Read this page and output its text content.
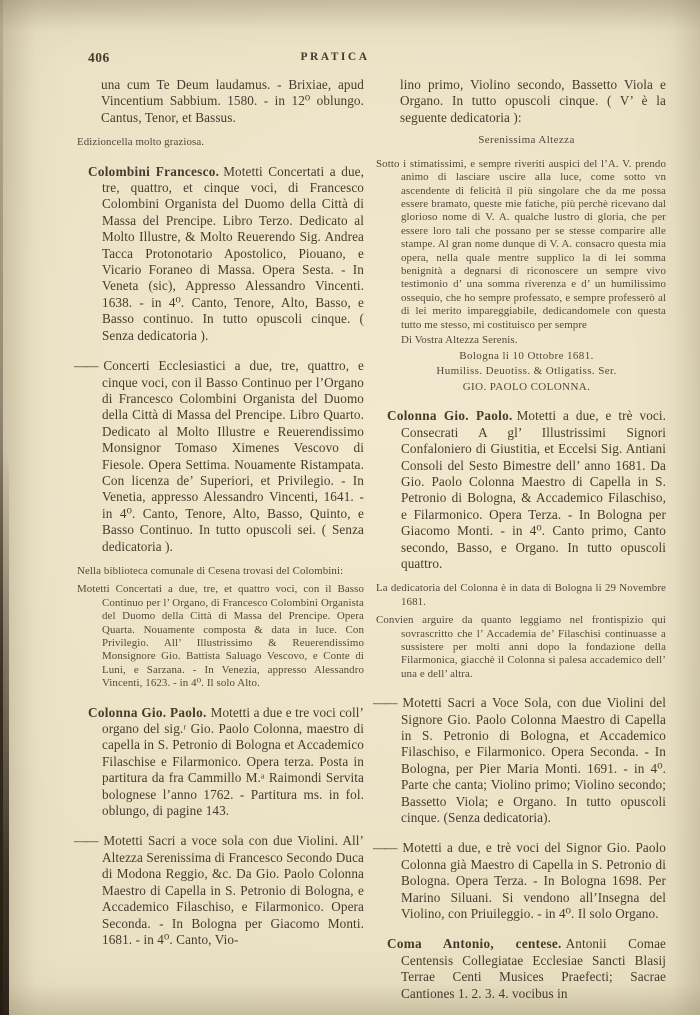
406	PRATICA
una cum Te Deum laudamus. - Brixiae, apud Vincentium Sabbium. 1580. - in 12⁰ oblungo. Cantus, Tenor, et Bassus.
Edizioncella molto graziosa.
Colombini Francesco. Motetti Concertati a due, tre, quattro, et cinque voci, di Francesco Colombini Organista del Duomo della Città di Massa del Prencipe. Libro Terzo. Dedicato al Molto Illustre, & Molto Reuerendo Sig. Andrea Tacca Protonotario Apostolico, Piouano, e Vicario Foraneo di Massa. Opera Sesta. - In Veneta (sic), Appresso Alessandro Vincenti. 1638. - in 4⁰. Canto, Tenore, Alto, Basso, e Basso continuo. In tutto opuscoli cinque. ( Senza dedicatoria ).
—— Concerti Ecclesiastici a due, tre, quattro, e cinque voci, con il Basso Continuo per l’Organo di Francesco Colombini Organista del Duomo della Città di Massa del Prencipe. Libro Quarto. Dedicato al Molto Illustre e Reuerendissimo Monsignor Tomaso Ximenes Vescovo di Fiesole. Opera Settima. Nouamente Ristampata. Con licenza de’ Superiori, et Privilegio. - In Venetia, appresso Alessandro Vincenti, 1641. - in 4⁰. Canto, Tenore, Alto, Basso, Quinto, e Basso Continuo. In tutto opuscoli sei. ( Senza dedicatoria ).
Nella biblioteca comunale di Cesena trovasi del Colombini:
Motetti Concertati a due, tre, et quattro voci, con il Basso Continuo per l’ Organo, di Francesco Colombini Organista del Duomo della Città di Massa del Prencipe. Opera Quarta. Nouamente composta & data in luce. Con Privilegio. All’ Illustrissimo & Reuerendissimo Monsignore Gio. Battista Saluago Vescovo, e Conte di Luni, e Sarzana. - In Venezia, appresso Alessandro Vincenti, 1623. - in 4⁰. Il solo Alto.
Colonna Gio. Paolo. Motetti a due e tre voci coll’ organo del sig.ʳ Gio. Paolo Colonna, maestro di capella in S. Petronio di Bologna et Accademico Filaschise e Filarmonico. Opera terza. Posta in partitura da fra Cammillo M.ᵃ Raimondi Servita bolognese l’anno 1762. - Partitura ms. in fol. oblungo, di pagine 143.
—— Motetti Sacri a voce sola con due Violini. All’ Altezza Serenissima di Francesco Secondo Duca di Modona Reggio, &c. Da Gio. Paolo Colonna Maestro di Capella in S. Petronio di Bologna, e Accademico Filaschiso, e Filarmonico. Opera Seconda. - In Bologna per Giacomo Monti. 1681. - in 4⁰. Canto, Vio-
lino primo, Violino secondo, Bassetto Viola e Organo. In tutto opuscoli cinque. ( V’ è la seguente dedicatoria ):
Serenissima Altezza
Sotto i stimatissimi, e sempre riveriti auspici del l’A. V. prendo animo di lasciare uscire alla luce, come sotto vn ascendente di felicità il più singolare che da me possa essere bramato, queste mie fatiche, più perchè ricevano dal glorioso nome di V. A. qualche lustro di gloria, che per essere loro tali che possano per se stesse comparire alle stampe. Al gran nome dunque di V. A. consacro questa mia opera, nella quale mentre supplico la di lei somma benignità a degnarsi di riconoscere un sempre vivo testimonio d’ una somma riverenza e d’ un humilissimo ossequio, che ho sempre professato, e sempre professerò al di lei merito impareggiabile, dedicandomele con questa tutto me stesso, mi costituisco per sempre
Di Vostra Altezza Serenis.
Bologna li 10 Ottobre 1681.
Humiliss. Deuotiss. & Otligatiss. Ser.
GIO. PAOLO COLONNA.
Colonna Gio. Paolo. Motetti a due, e trè voci. Consecrati A gl’ Illustrissimi Signori Confaloniero di Giustitia, et Eccelsi Sig. Antiani Consoli del Sesto Bimestre dell’ anno 1681. Da Gio. Paolo Colonna Maestro di Capella in S. Petronio di Bologna, & Accademico Filaschiso, e Filarmonico. Opera Terza. - In Bologna per Giacomo Monti. - in 4⁰. Canto primo, Canto secondo, Basso, e Organo. In tutto opuscoli quattro.
La dedicatoria del Colonna è in data di Bologna li 29 Novembre 1681.
Convien arguire da quanto leggiamo nel frontispizio qui sovrascritto che l’ Accademia de’ Filaschisi continuasse a sussistere per molti anni dopo la fondazione della Filarmonica, giacchè il Colonna si palesa accademico dell’ una e dell’ altra.
—— Motetti Sacri a Voce Sola, con due Violini del Signore Gio. Paolo Colonna Maestro di Capella in S. Petronio di Bologna, et Accademico Filaschiso, e Filarmonico. Opera Seconda. - In Bologna, per Pier Maria Monti. 1691. - in 4⁰. Parte che canta; Violino primo; Violino secondo; Bassetto Viola; e Organo. In tutto opuscoli cinque. (Senza dedicatoria).
—— Motetti a due, e trè voci del Signor Gio. Paolo Colonna già Maestro di Capella in S. Petronio di Bologna. Opera Terza. - In Bologna 1698. Per Marino Siluani. Si vendono all’Insegna del Violino, con Priuileggio. - in 4⁰. Il solo Organo.
Coma Antonio, centese. Antonii Comae Centensis Collegiatae Ecclesiae Sancti Blasij Terrae Centi Musices Praefecti; Sacrae Cantiones 1. 2. 3. 4. vocibus in
